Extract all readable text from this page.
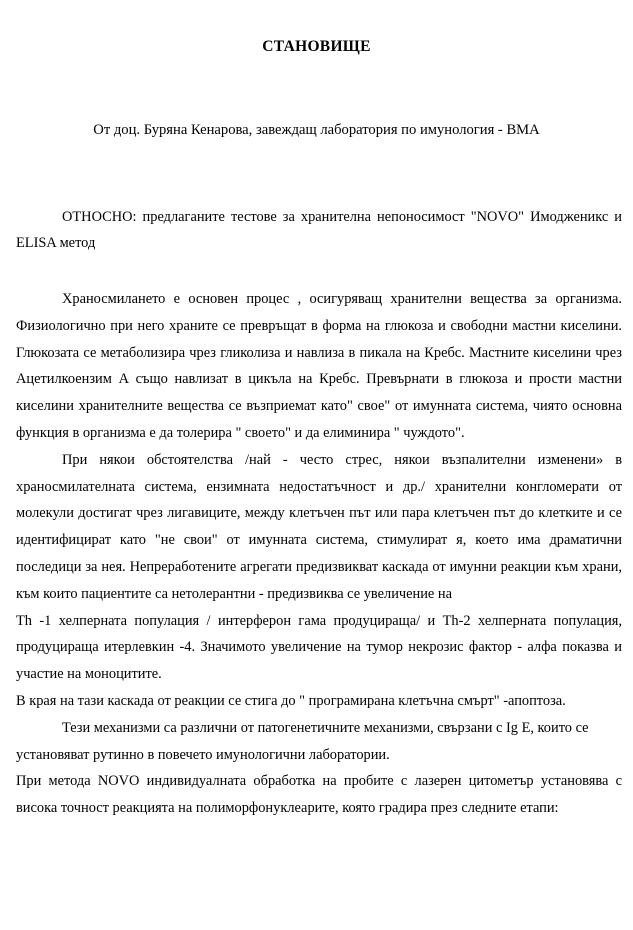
СТАНОВИЩЕ
От доц. Буряна Кенарова, завеждащ лаборатория по имунология - ВМА
ОТНОСНО: предлаганите тестове за хранителна непоносимост "NOVO" Имодженикс и ELISA метод

Храносмилането е основен процес , осигуряващ хранителни вещества за организма. Физиологично при него храните се превръщат в форма на глюкоза и свободни мастни киселини. Глюкозата се метаболизира чрез гликолиза и навлиза в пикала на Кребс. Мастните киселини чрез Ацетилкоензим А също навлизат в цикъла на Кребс. Превърнати в глюкоза и прости мастни киселини хранителните вещества се възприемат като" свое" от имунната система, чиято основна функция в организма е да толерира " своето" и да елиминира " чуждото".

При някои обстоятелства /най - често стрес, някои възпалителни изменени» в храносмилателната система, ензимната недостатъчност и др./ хранителни конгломерати от молекули достигат чрез лигавиците, между клетъчен път или пара клетъчен път до клетките и се идентифицират като "не свои" от имунната система, стимулират я, което има драматични последици за нея. Непреработените агрегати предизвикват каскада от имунни реакции към храни, към които пациентите са нетолерантни - предизвиква се увеличение на

Th -1 хелперната популация / интерферон гама продуцираща/ и Th-2 хелперната популация, продуцираща итерлевкин -4. Значимото увеличение на тумор некрозис фактор - алфа показва и участие на моноцитите.

В края на тази каскада от реакции се стига до " програмирана клетъчна смърт" -апоптоза.

Тези механизми са различни от патогенетичните механизми, свързани с Ig E, които се установяват рутинно в повечето имунологични лаборатории.

При метода NOVO индивидуалната обработка на пробите с лазерен цитометър установява с висока точност реакцията на полиморфонуклеарите, която градира през следните етапи:
